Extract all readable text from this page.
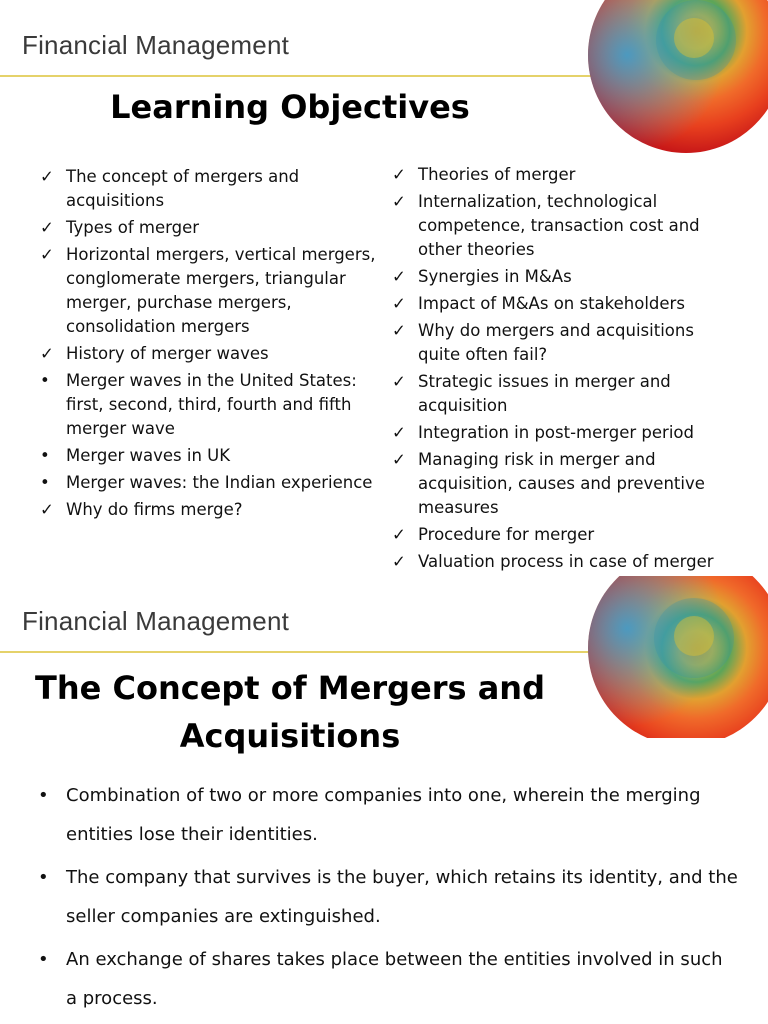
Financial Management
Learning Objectives
✓ The concept of mergers and acquisitions
✓ Types of merger
✓ Horizontal mergers, vertical mergers, conglomerate mergers, triangular merger, purchase mergers, consolidation mergers
✓ History of merger waves
• Merger waves in the United States: first, second, third, fourth and fifth merger wave
• Merger waves in UK
• Merger waves: the Indian experience
✓ Why do firms merge?
✓ Theories of merger
✓ Internalization, technological competence, transaction cost and other theories
✓ Synergies in M&As
✓ Impact of M&As on stakeholders
✓ Why do mergers and acquisitions quite often fail?
✓ Strategic issues in merger and acquisition
✓ Integration in post-merger period
✓ Managing risk in merger and acquisition, causes and preventive measures
✓ Procedure for merger
✓ Valuation process in case of merger
Financial Management
The Concept of Mergers and
Acquisitions
• Combination of two or more companies into one, wherein the merging entities lose their identities.
• The company that survives is the buyer, which retains its identity, and the seller companies are extinguished.
• An exchange of shares takes place between the entities involved in such a process.
